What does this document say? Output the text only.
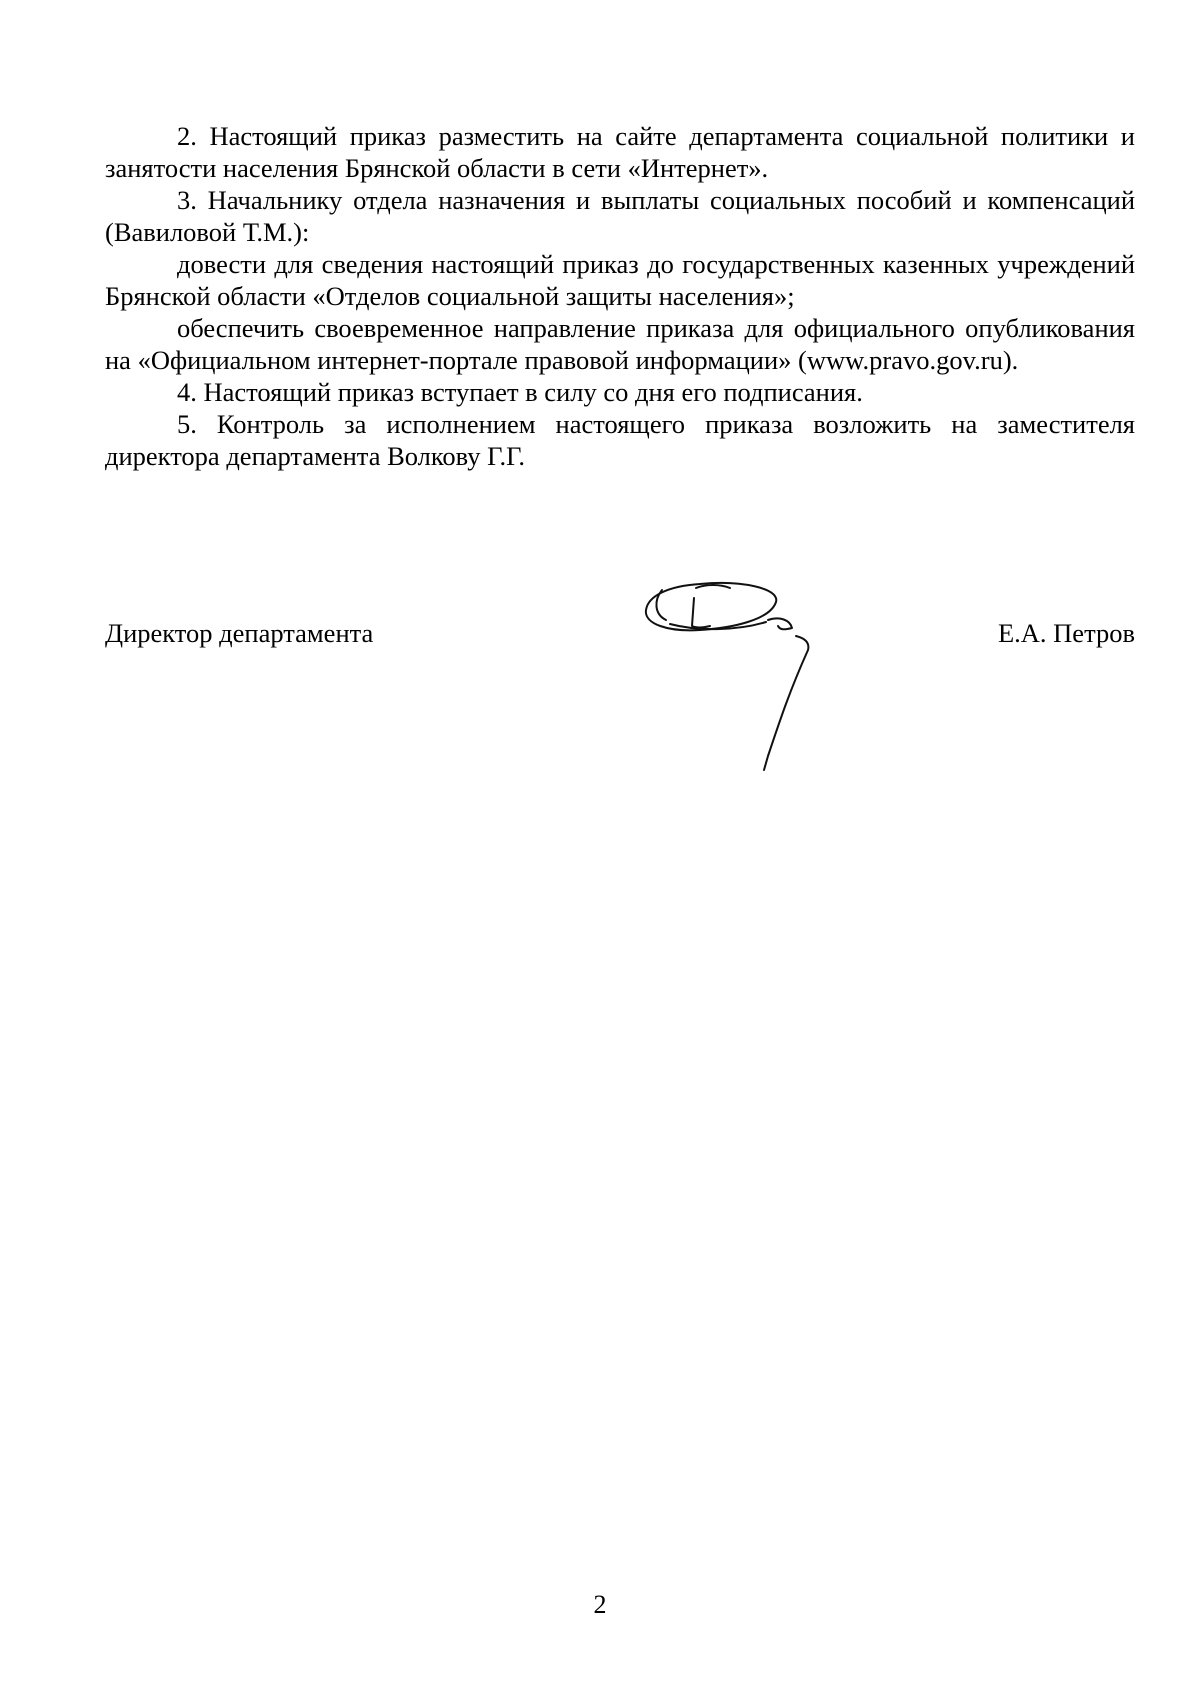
2. Настоящий приказ разместить на сайте департамента социальной политики и занятости населения Брянской области в сети «Интернет».

3. Начальнику отдела назначения и выплаты социальных пособий и компенсаций (Вавиловой Т.М.):

довести для сведения настоящий приказ до государственных казенных учреждений Брянской области «Отделов социальной защиты населения»;

обеспечить своевременное направление приказа для официального опубликования на «Официальном интернет-портале правовой информации» (www.pravo.gov.ru).

4. Настоящий приказ вступает в силу со дня его подписания.

5. Контроль за исполнением настоящего приказа возложить на заместителя директора департамента Волкову Г.Г.

Директор департамента	Е.А. Петров
2
